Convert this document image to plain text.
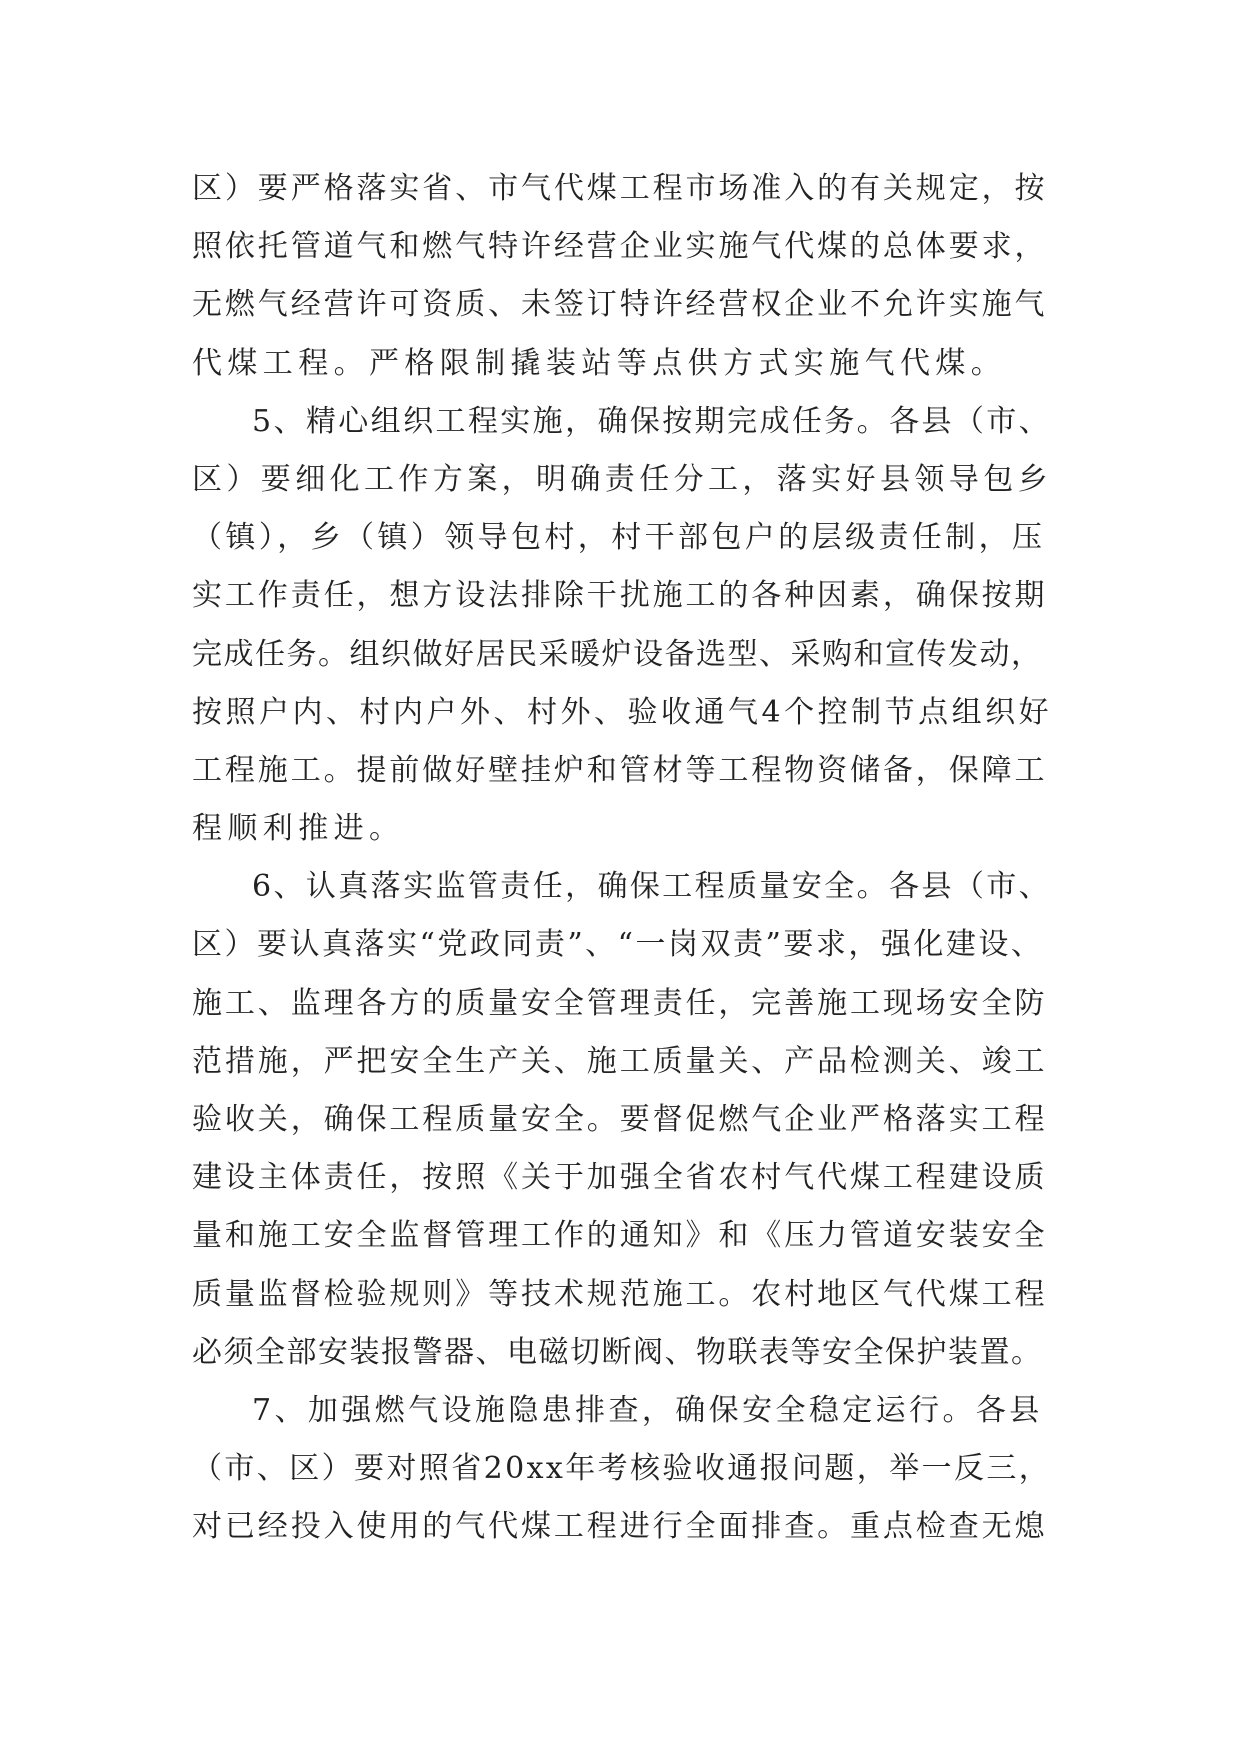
区）要严格落实省、市气代煤工程市场准入的有关规定，按
照依托管道气和燃气特许经营企业实施气代煤的总体要求，
无燃气经营许可资质、未签订特许经营权企业不允许实施气
代煤工程。严格限制撬装站等点供方式实施气代煤。
5、精心组织工程实施，确保按期完成任务。各县（市、
区）要细化工作方案，明确责任分工，落实好县领导包乡
（镇），乡（镇）领导包村，村干部包户的层级责任制，压
实工作责任，想方设法排除干扰施工的各种因素，确保按期
完成任务。组织做好居民采暖炉设备选型、采购和宣传发动，
按照户内、村内户外、村外、验收通气4个控制节点组织好
工程施工。提前做好壁挂炉和管材等工程物资储备，保障工
程顺利推进。
6、认真落实监管责任，确保工程质量安全。各县（市、
区）要认真落实“党政同责”、“一岗双责”要求，强化建设、
施工、监理各方的质量安全管理责任，完善施工现场安全防
范措施，严把安全生产关、施工质量关、产品检测关、竣工
验收关，确保工程质量安全。要督促燃气企业严格落实工程
建设主体责任，按照《关于加强全省农村气代煤工程建设质
量和施工安全监督管理工作的通知》和《压力管道安装安全
质量监督检验规则》等技术规范施工。农村地区气代煤工程
必须全部安装报警器、电磁切断阀、物联表等安全保护装置。
7、加强燃气设施隐患排查，确保安全稳定运行。各县
（市、区）要对照省20xx年考核验收通报问题，举一反三，
对已经投入使用的气代煤工程进行全面排查。重点检查无熄
